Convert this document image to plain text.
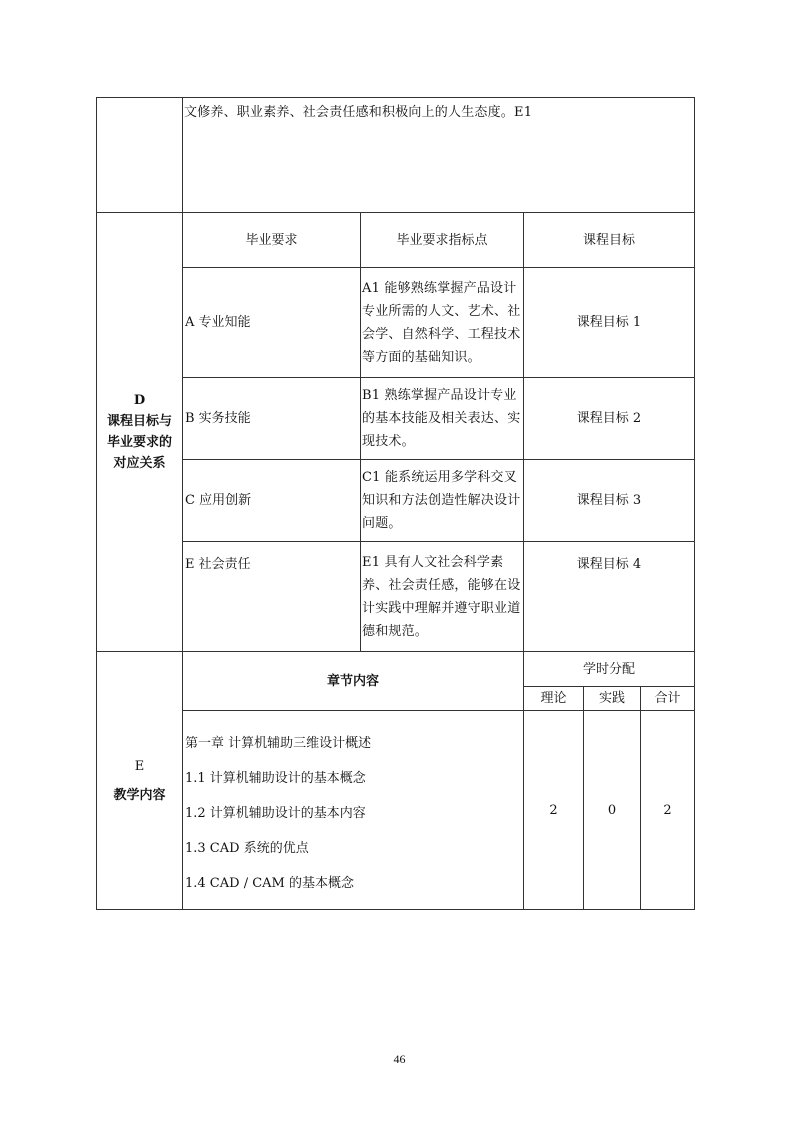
	文修养、职业素养、社会责任感和积极向上的人生态度。E1				

D
课程目标与
毕业要求的
对应关系	毕业要求	毕业要求指标点	课程目标		
	A 专业知能	A1 能够熟练掌握产品设计专业所需的人文、艺术、社会学、自然科学、工程技术等方面的基础知识。	课程目标 1		
	B 实务技能	B1 熟练掌握产品设计专业的基本技能及相关表达、实现技术。	课程目标 2		
	C 应用创新	C1 能系统运用多学科交叉知识和方法创造性解决设计问题。	课程目标 3		
	E 社会责任	E1 具有人文社会科学素养、社会责任感，能够在设计实践中理解并遵守职业道德和规范。	课程目标 4		

E
教学内容	章节内容		学时分配		
			理论	实践	合计

	第一章 计算机辅助三维设计概述
1.1 计算机辅助设计的基本概念
1.2 计算机辅助设计的基本内容
1.3 CAD 系统的优点
1.4 CAD / CAM 的基本概念		2	0	2
46
